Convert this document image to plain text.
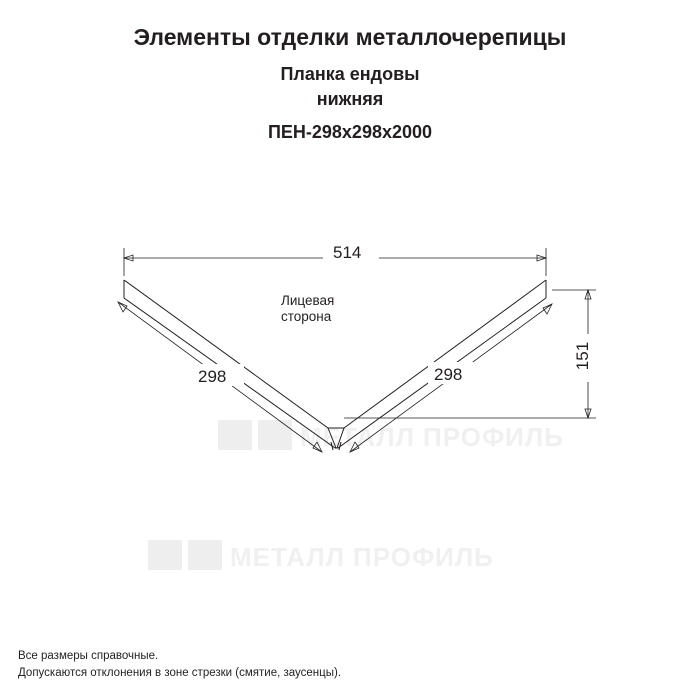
Элементы отделки металлочерепицы
Планка ендовы
нижняя
ПЕН-298х298х2000
МЕТАЛЛ ПРОФИЛЬ
МЕТАЛЛ ПРОФИЛЬ
Лицевая
сторона
514
298	298
151
Все размеры справочные.
Допускаются отклонения в зоне стрезки (смятие, заусенцы).
